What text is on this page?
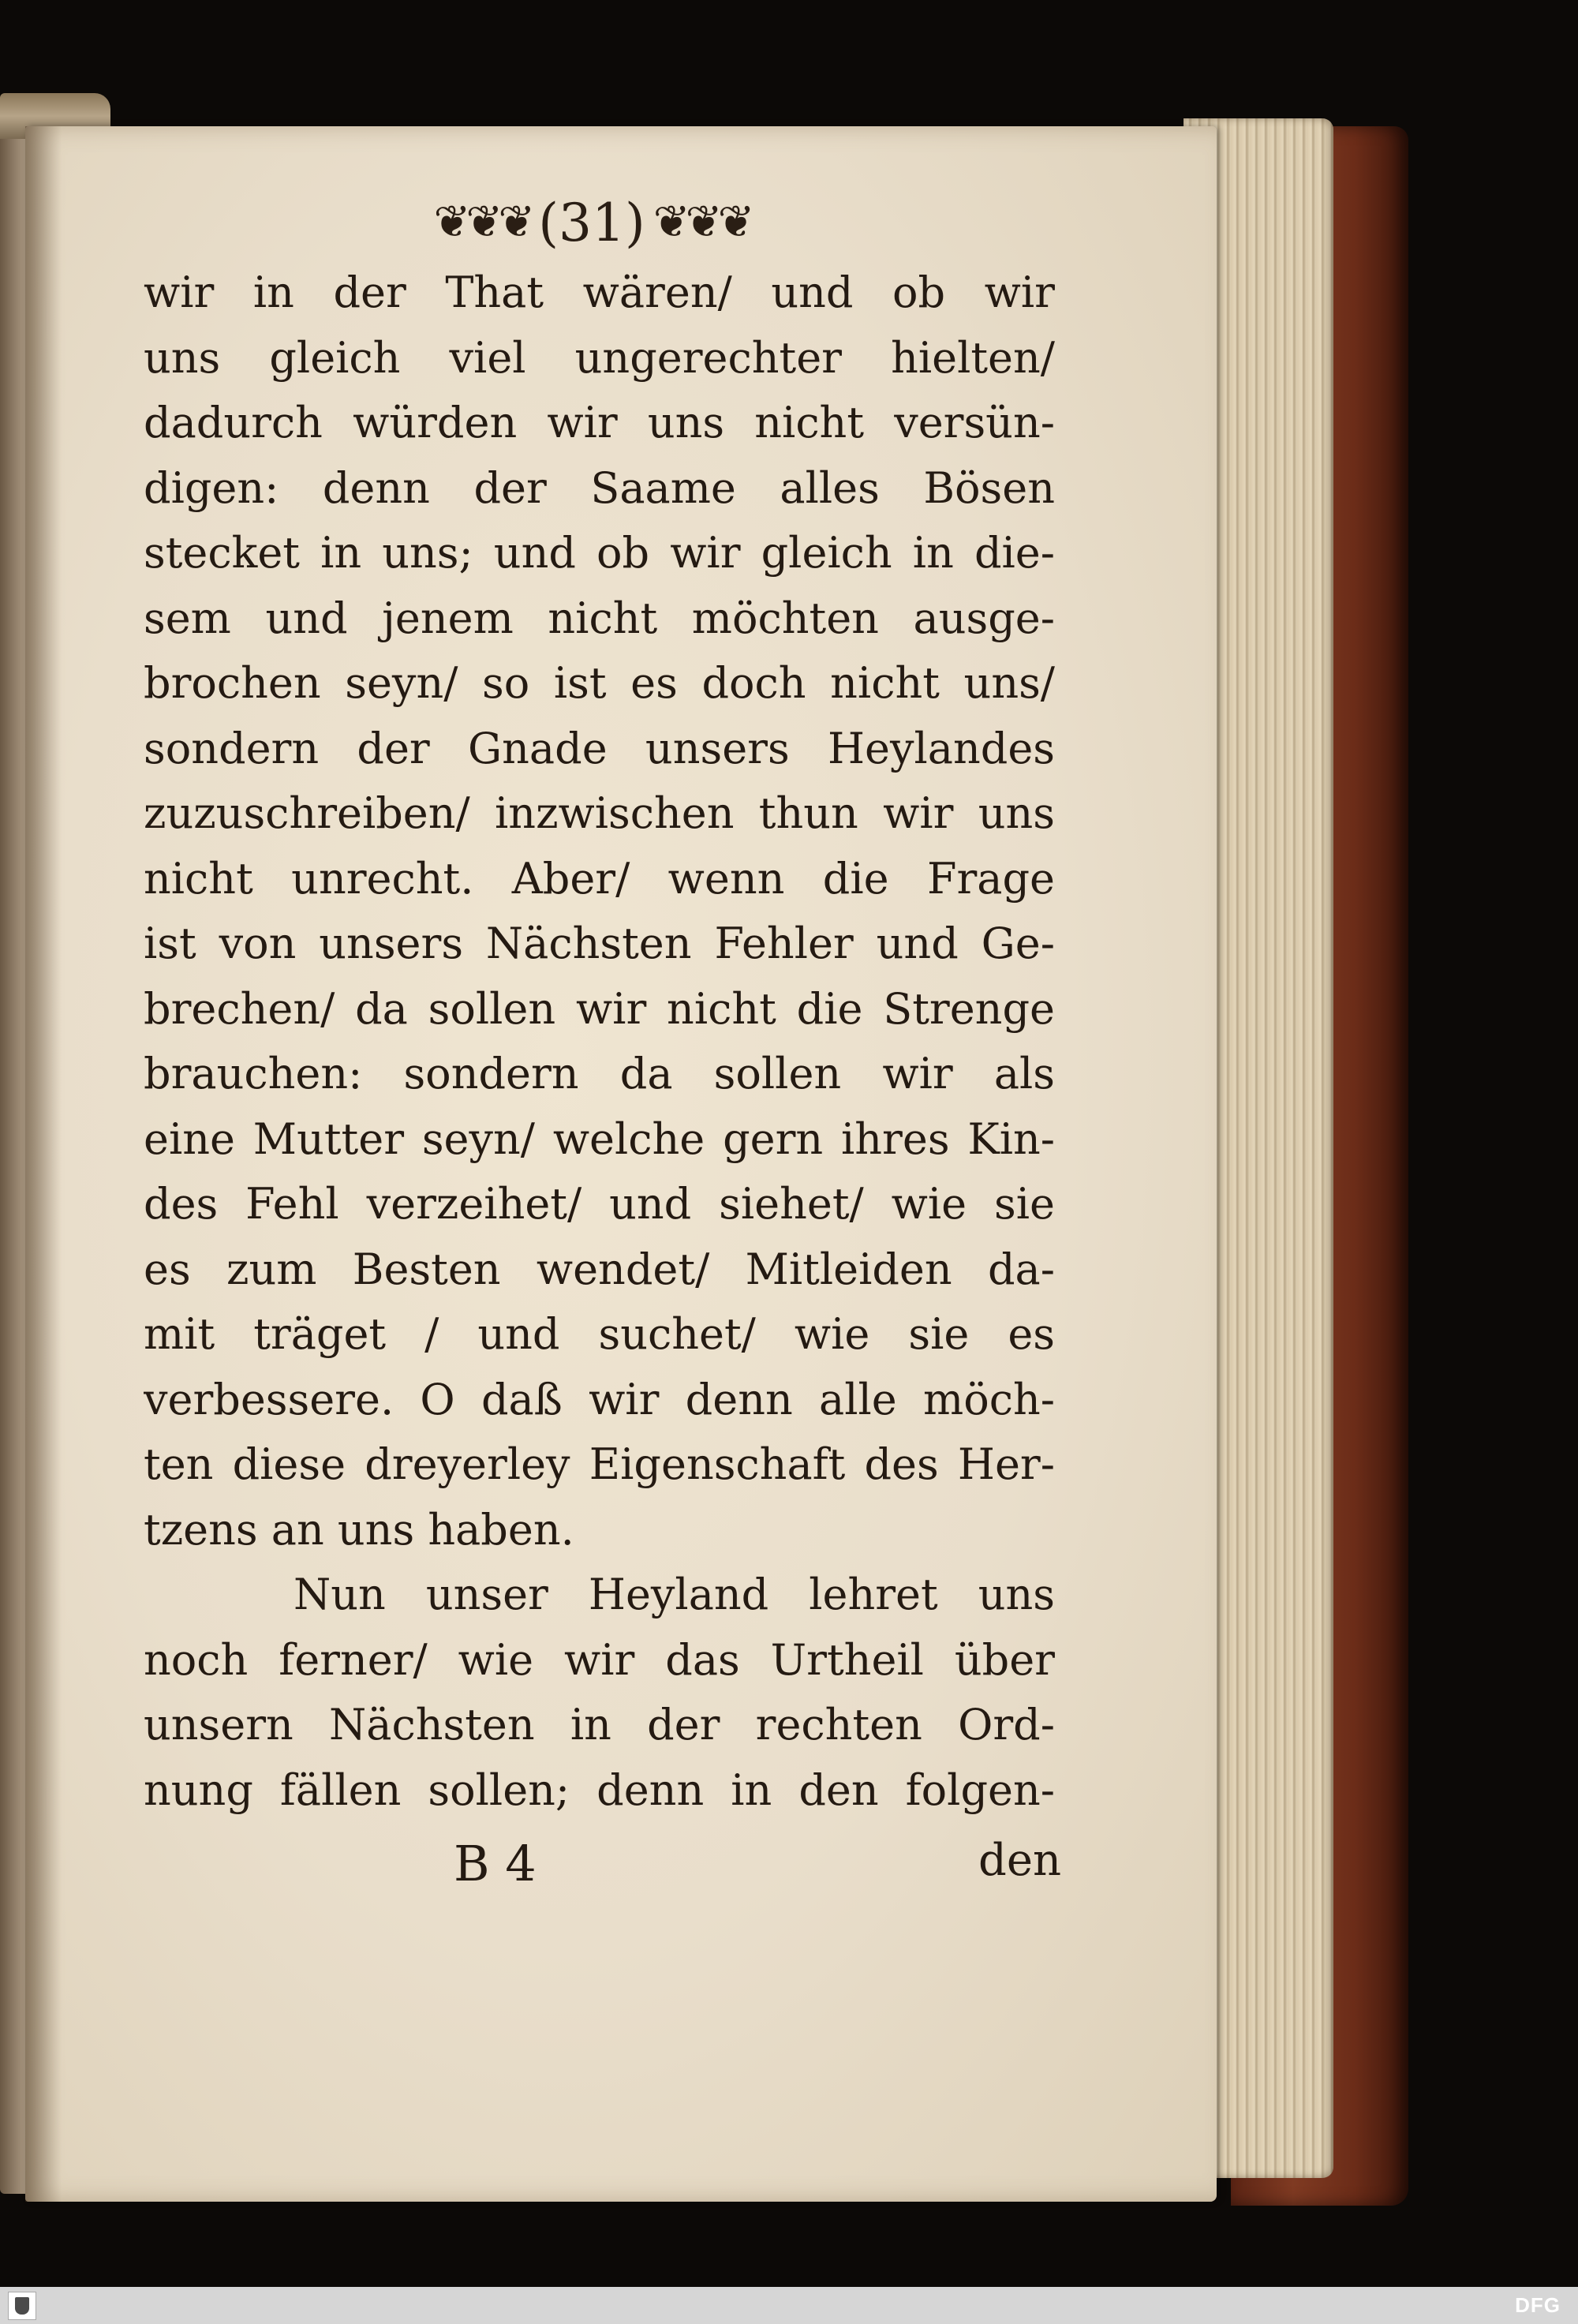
❦❦❦ (31) ❦❦❦
wir in der That wären/ und ob wir
uns gleich viel ungerechter hielten/
dadurch würden wir uns nicht versün-
digen: denn der Saame alles Bösen
stecket in uns; und ob wir gleich in die-
sem und jenem nicht möchten ausge-
brochen seyn/ so ist es doch nicht uns/
sondern der Gnade unsers Heylandes
zuzuschreiben/ inzwischen thun wir uns
nicht unrecht. Aber/ wenn die Frage
ist von unsers Nächsten Fehler und Ge-
brechen/ da sollen wir nicht die Strenge
brauchen: sondern da sollen wir als
eine Mutter seyn/ welche gern ihres Kin-
des Fehl verzeihet/ und siehet/ wie sie
es zum Besten wendet/ Mitleiden da-
mit träget / und suchet/ wie sie es
verbessere. O daß wir denn alle möch-
ten diese dreyerley Eigenschaft des Her-
tzens an uns haben.
Nun unser Heyland lehret uns
noch ferner/ wie wir das Urtheil über
unsern Nächsten in der rechten Ord-
nung fällen sollen; denn in den folgen-
B 4	den
DFG
